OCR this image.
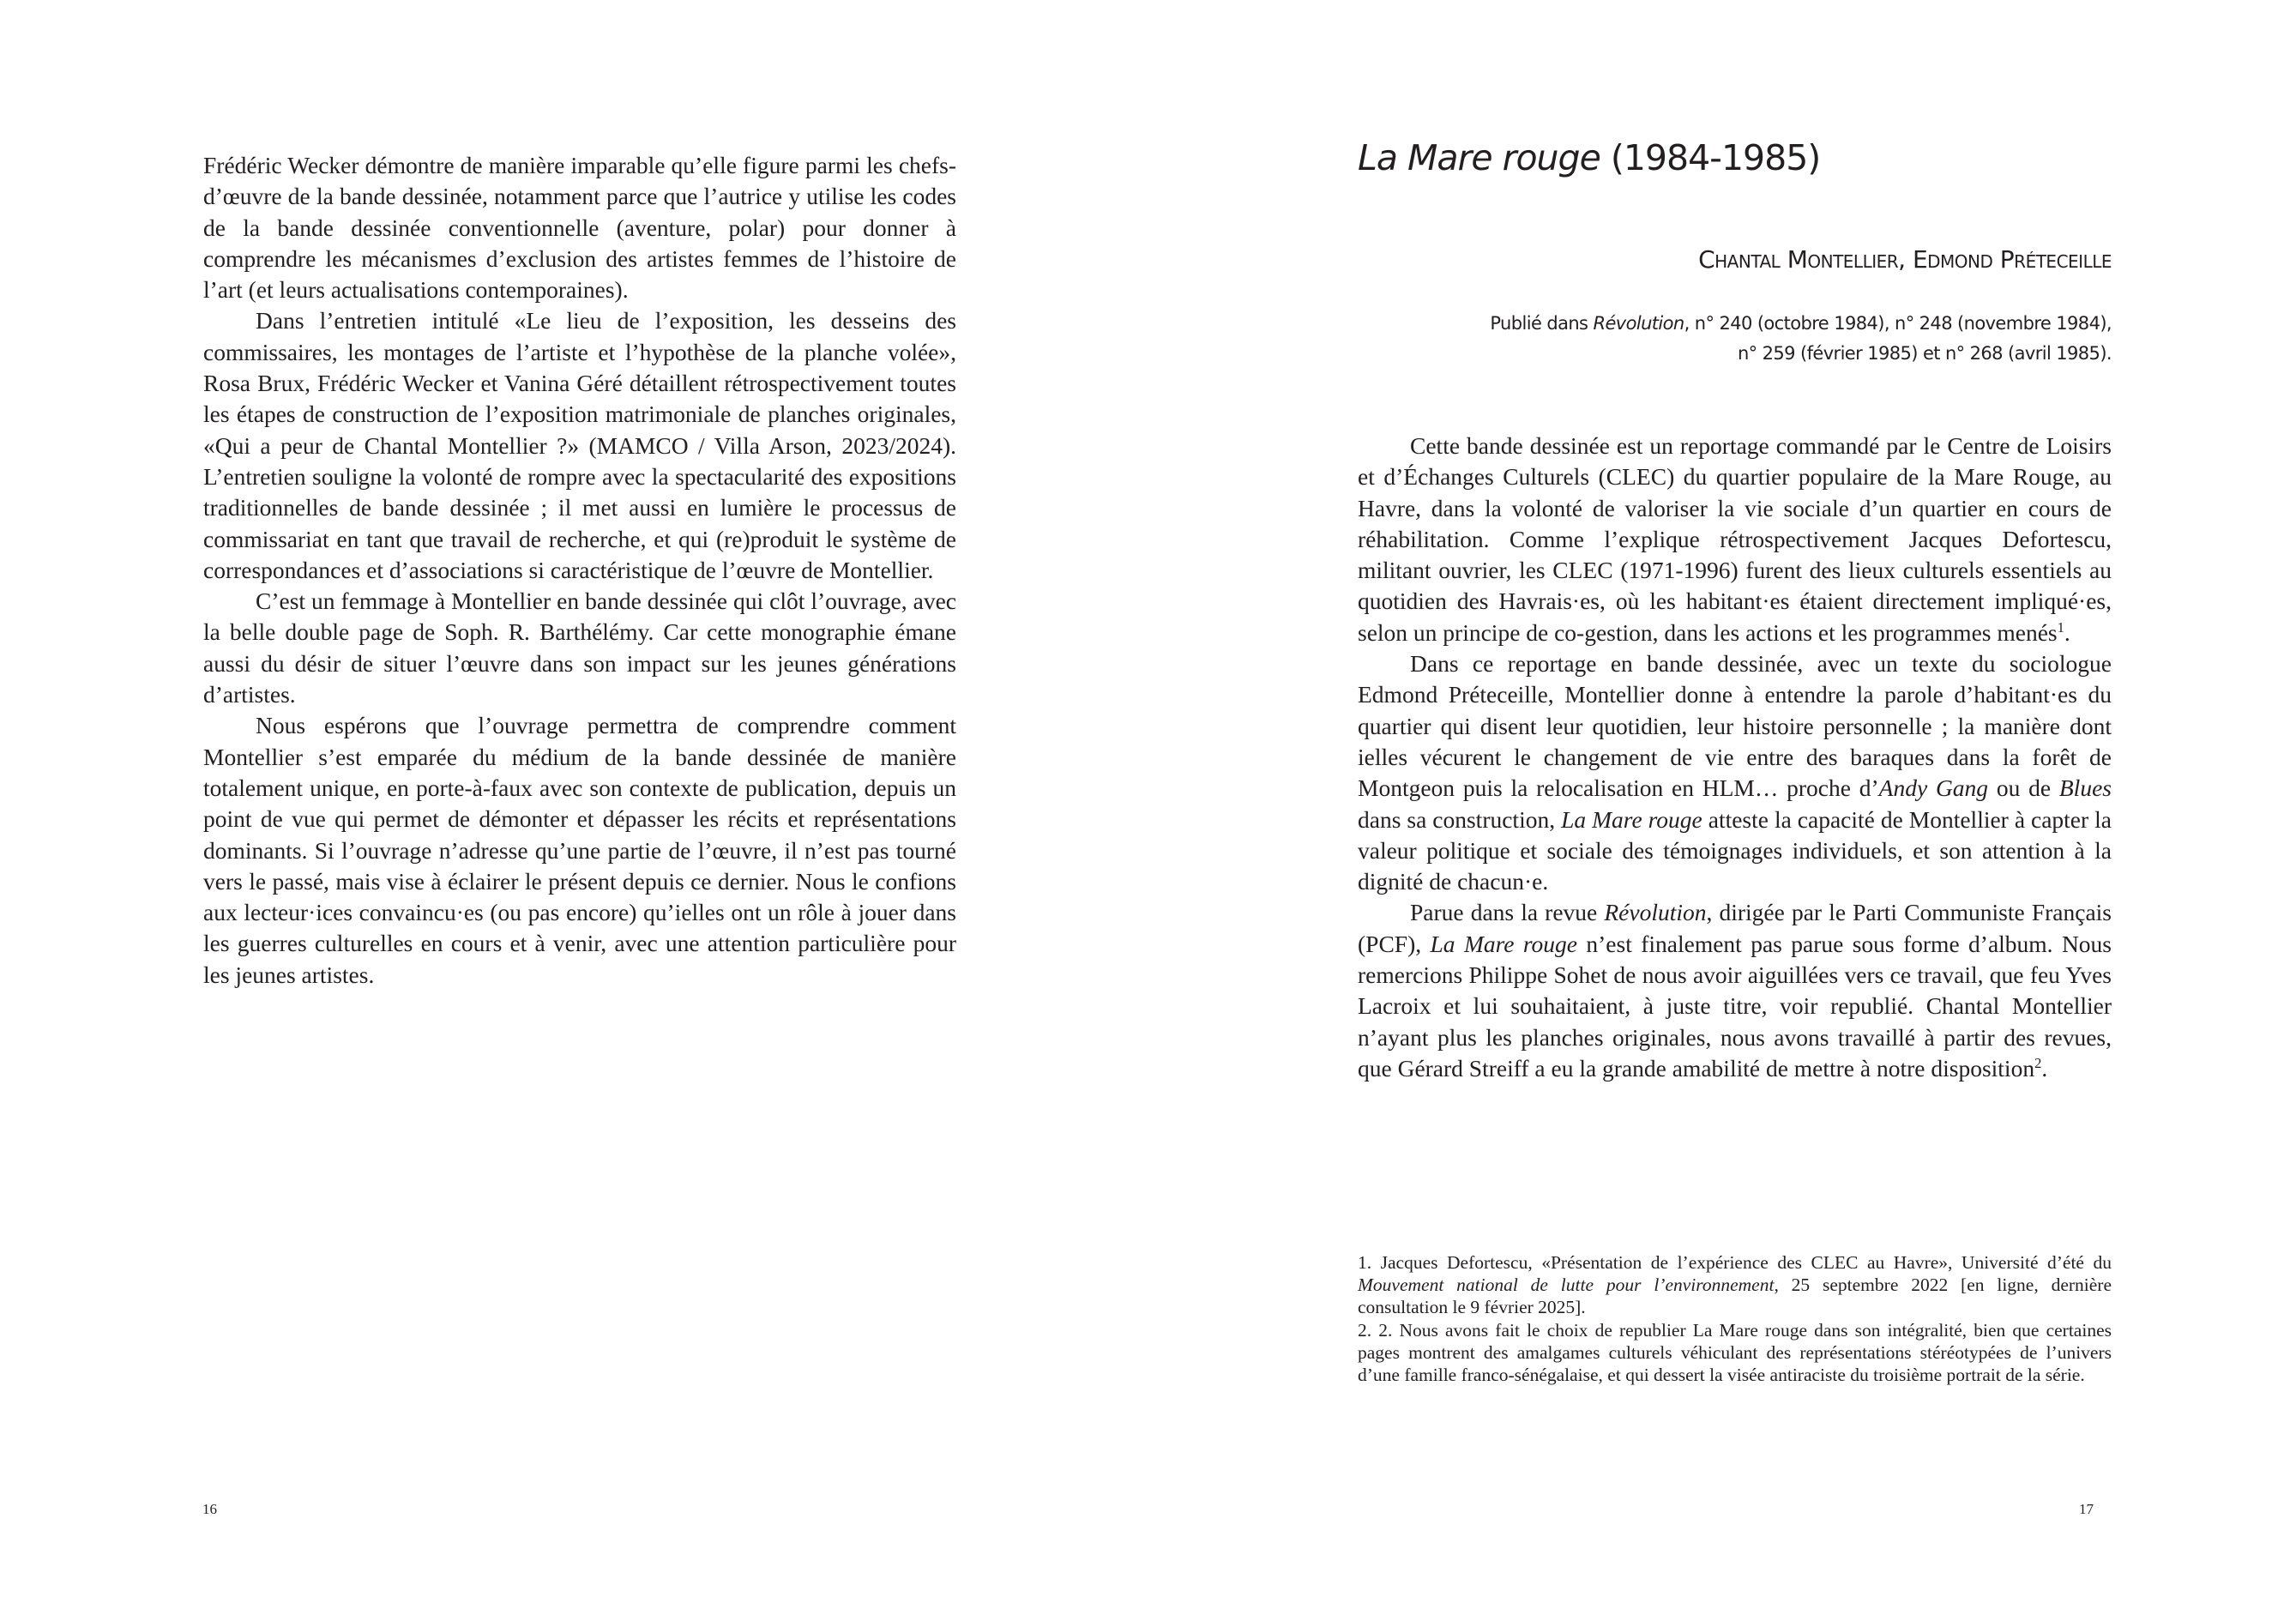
Frédéric Wecker démontre de manière imparable qu’elle figure parmi les chefs-d’œuvre de la bande dessinée, notamment parce que l’autrice y utilise les codes de la bande dessinée conventionnelle (aventure, polar) pour donner à comprendre les mécanismes d’exclusion des artistes femmes de l’histoire de l’art (et leurs actualisations contemporaines).

Dans l’entretien intitulé «Le lieu de l’exposition, les desseins des commissaires, les montages de l’artiste et l’hypothèse de la planche volée», Rosa Brux, Frédéric Wecker et Vanina Géré détaillent rétrospectivement toutes les étapes de construction de l’exposition matrimoniale de planches originales, «Qui a peur de Chantal Montellier ?» (MAMCO / Villa Arson, 2023/2024). L’entretien souligne la volonté de rompre avec la spectacularité des expositions traditionnelles de bande dessinée ; il met aussi en lumière le processus de commissariat en tant que travail de recherche, et qui (re)produit le système de correspondances et d’associations si caractéristique de l’œuvre de Montellier.

C’est un femmage à Montellier en bande dessinée qui clôt l’ouvrage, avec la belle double page de Soph. R. Barthélémy. Car cette monographie émane aussi du désir de situer l’œuvre dans son impact sur les jeunes générations d’artistes.

Nous espérons que l’ouvrage permettra de comprendre comment Montellier s’est emparée du médium de la bande dessinée de manière totalement unique, en porte-à-faux avec son contexte de publication, depuis un point de vue qui permet de démonter et dépasser les récits et représentations dominants. Si l’ouvrage n’adresse qu’une partie de l’œuvre, il n’est pas tourné vers le passé, mais vise à éclairer le présent depuis ce dernier. Nous le confions aux lecteur·ices convaincu·es (ou pas encore) qu’ielles ont un rôle à jouer dans les guerres culturelles en cours et à venir, avec une attention particulière pour les jeunes artistes.

16
La Mare rouge (1984-1985)
Chantal Montellier, Edmond Préteceille
Publié dans Révolution, n° 240 (octobre 1984), n° 248 (novembre 1984),
n° 259 (février 1985) et n° 268 (avril 1985).

Cette bande dessinée est un reportage commandé par le Centre de Loisirs et d’Échanges Culturels (CLEC) du quartier populaire de la Mare Rouge, au Havre, dans la volonté de valoriser la vie sociale d’un quartier en cours de réhabilitation. Comme l’explique rétrospectivement Jacques Defortescu, militant ouvrier, les CLEC (1971-1996) furent des lieux culturels essentiels au quotidien des Havrais·es, où les habitant·es étaient directement impliqué·es, selon un principe de co-gestion, dans les actions et les programmes menés$^1$.

Dans ce reportage en bande dessinée, avec un texte du sociologue Edmond Préteceille, Montellier donne à entendre la parole d’habitant·es du quartier qui disent leur quotidien, leur histoire personnelle ; la manière dont ielles vécurent le changement de vie entre des baraques dans la forêt de Montgeon puis la relocalisation en HLM… proche d’Andy Gang ou de Blues dans sa construction, La Mare rouge atteste la capacité de Montellier à capter la valeur politique et sociale des témoignages individuels, et son attention à la dignité de chacun·e.

Parue dans la revue Révolution, dirigée par le Parti Communiste Français (PCF), La Mare rouge n’est finalement pas parue sous forme d’album. Nous remercions Philippe Sohet de nous avoir aiguillées vers ce travail, que feu Yves Lacroix et lui souhaitaient, à juste titre, voir republié. Chantal Montellier n’ayant plus les planches originales, nous avons travaillé à partir des revues, que Gérard Streiff a eu la grande amabilité de mettre à notre disposition$^2$.

1. Jacques Defortescu, «Présentation de l’expérience des CLEC au Havre», Université d’été du Mouvement national de lutte pour l’environnement, 25 septembre 2022 [en ligne, dernière consultation le 9 février 2025].

2. 2. Nous avons fait le choix de republier La Mare rouge dans son intégralité, bien que certaines pages montrent des amalgames culturels véhiculant des représentations stéréotypées de l’univers d’une famille franco-sénégalaise, et qui dessert la visée antiraciste du troisième portrait de la série.

17
